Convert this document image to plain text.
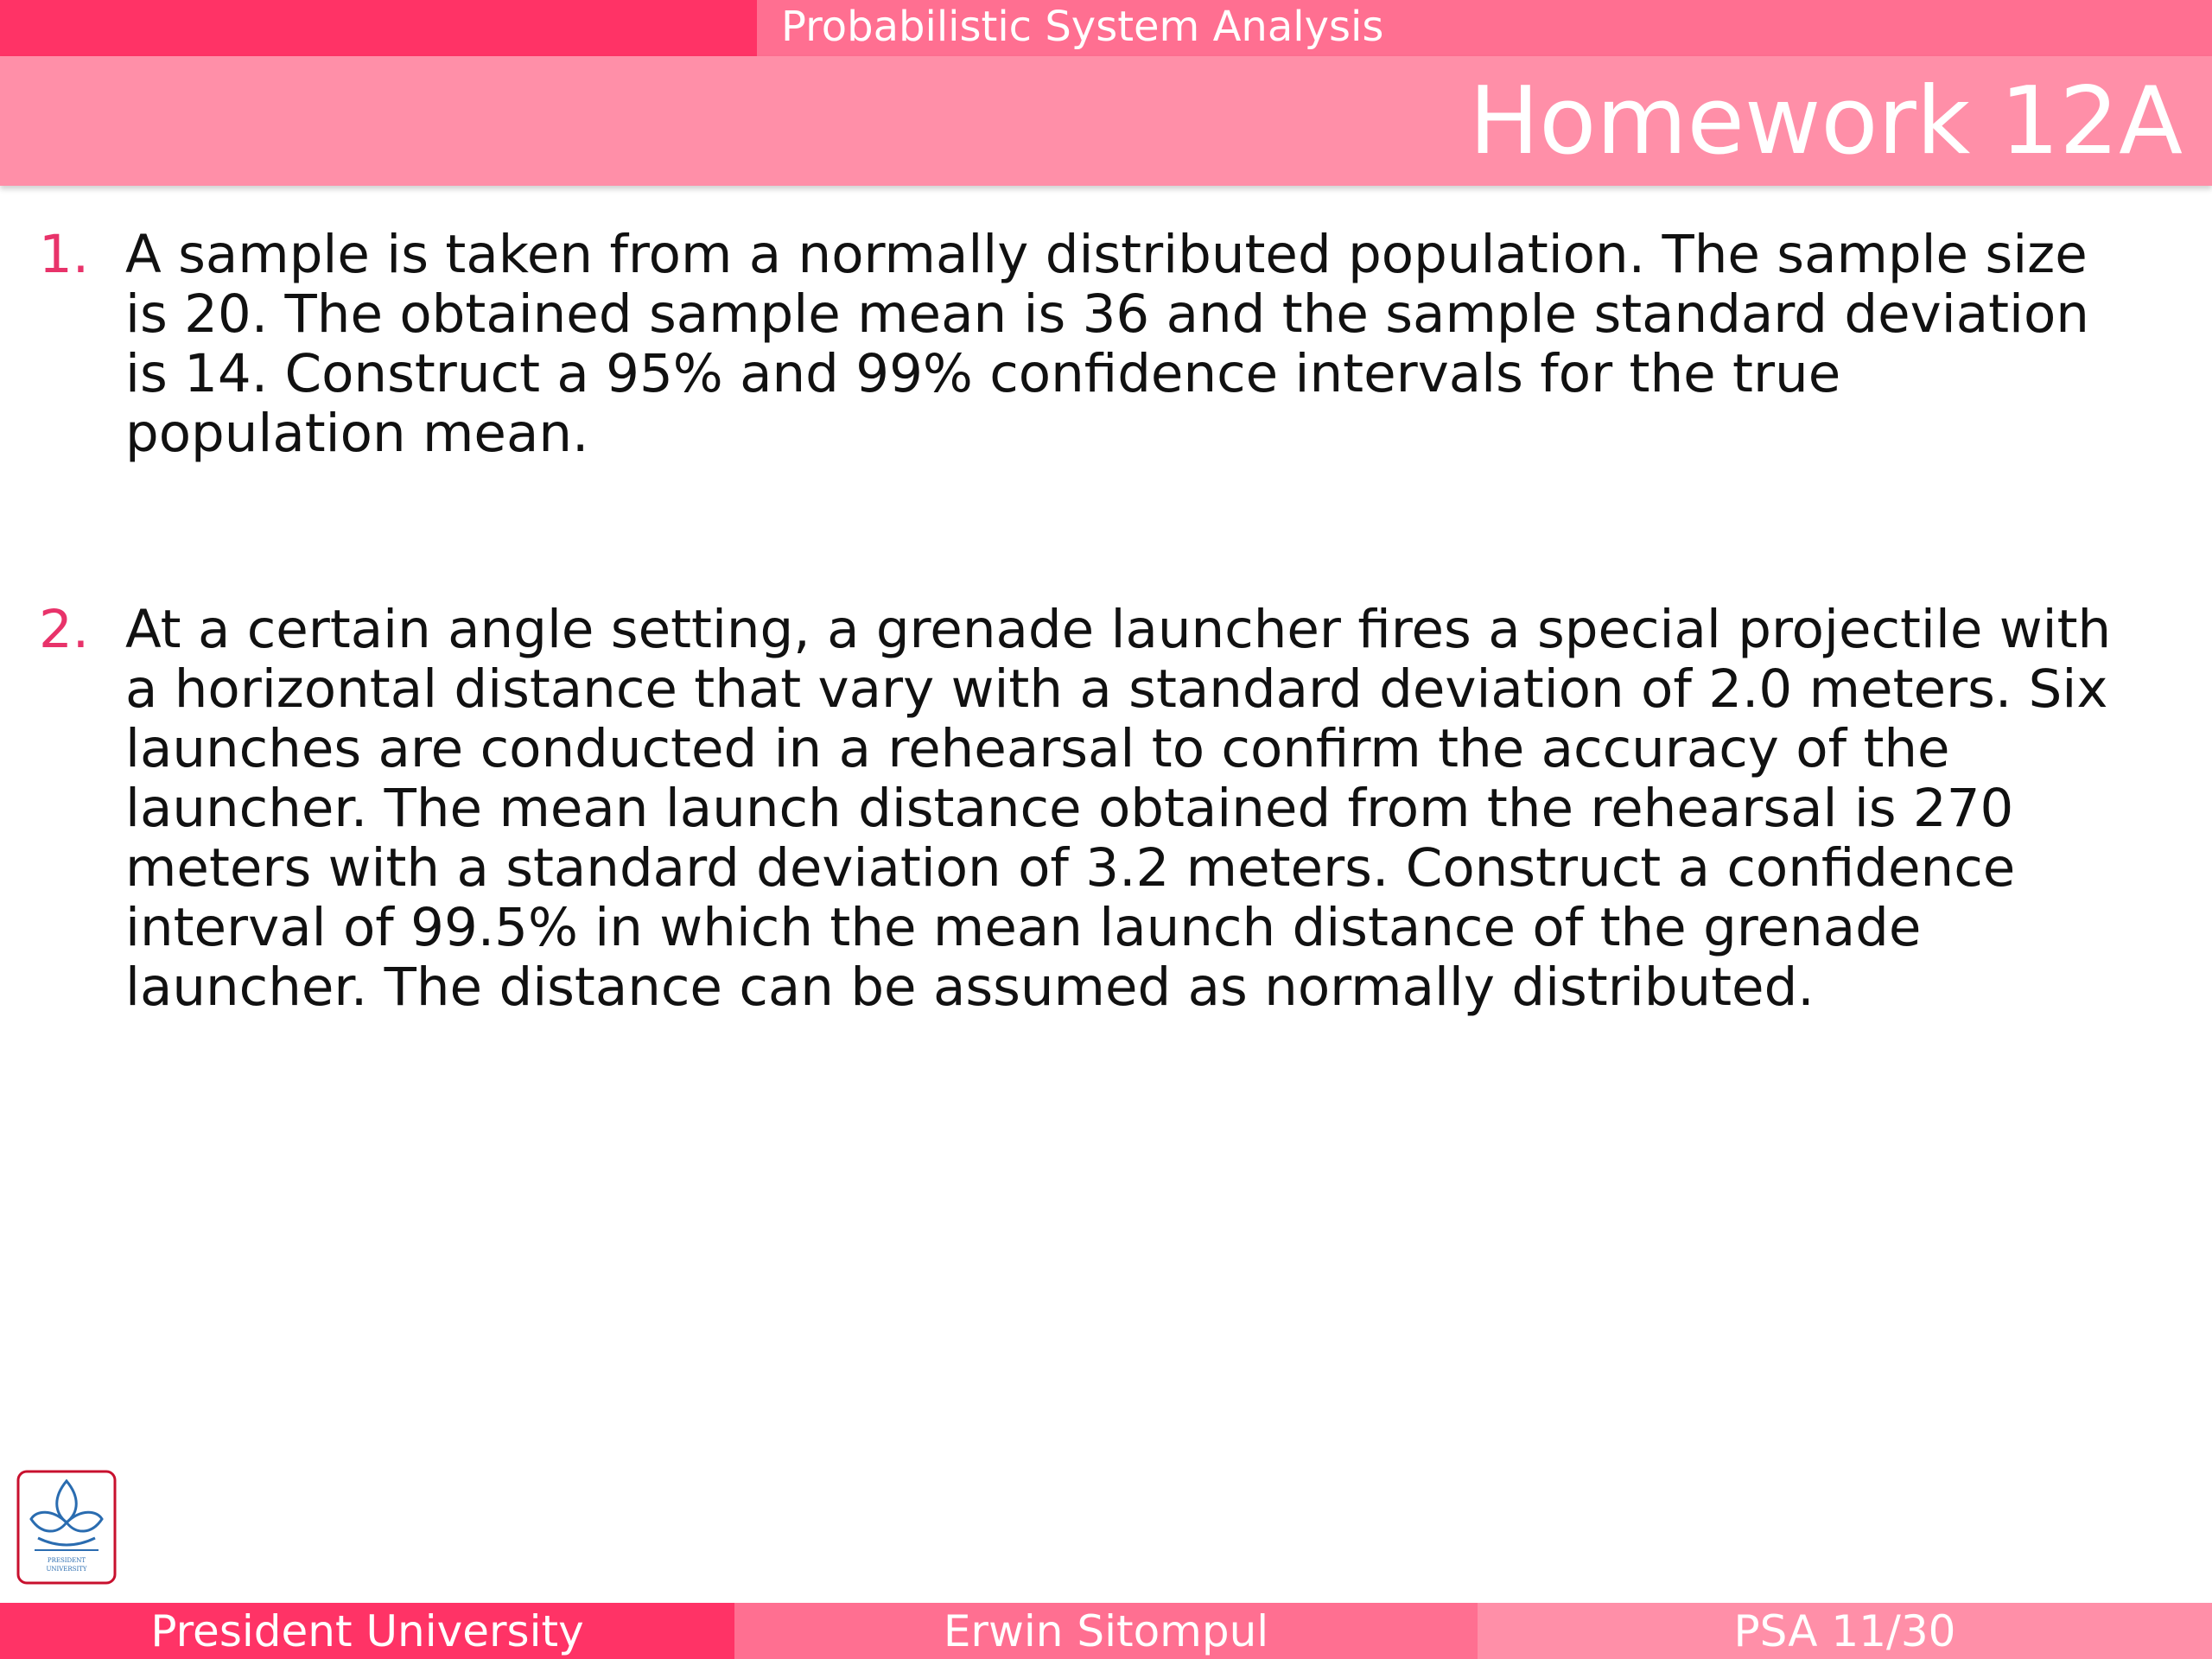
Probabilistic System Analysis
Homework 12A
1. A sample is taken from a normally distributed population. The sample size is 20. The obtained sample mean is 36 and the sample standard deviation is 14. Construct a 95% and 99% confidence intervals for the true population mean.
2. At a certain angle setting, a grenade launcher fires a special projectile with a horizontal distance that vary with a standard deviation of 2.0 meters. Six launches are conducted in a rehearsal to confirm the accuracy of the launcher. The mean launch distance obtained from the rehearsal is 270 meters with a standard deviation of 3.2 meters. Construct a confidence interval of 99.5% in which the mean launch distance of the grenade launcher. The distance can be assumed as normally distributed.
PRESIDENT
UNIVERSITY
President University	Erwin Sitompul	PSA 11/30
